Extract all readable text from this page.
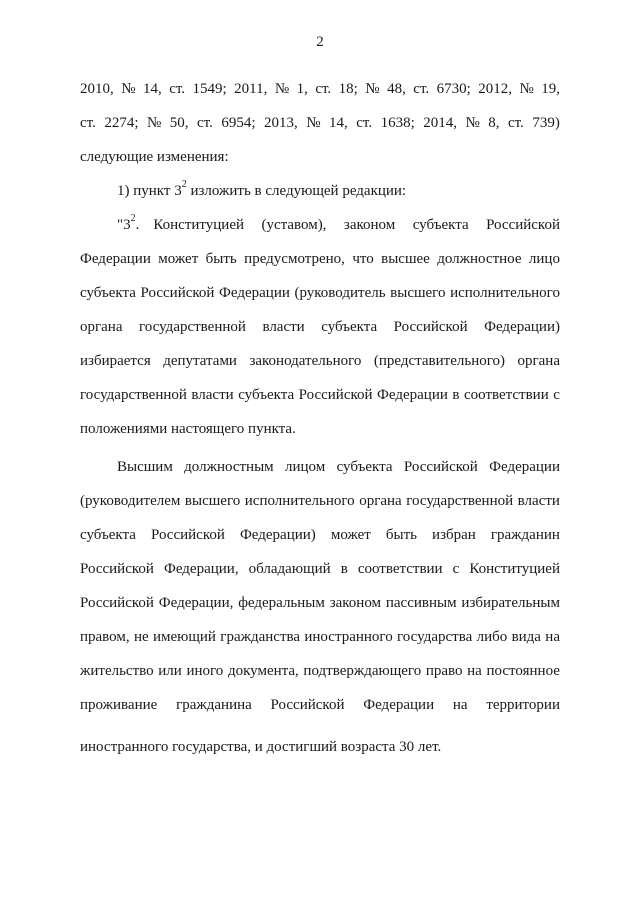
2
2010, № 14, ст. 1549; 2011, № 1, ст. 18; № 48, ст. 6730; 2012, № 19,
ст. 2274; № 50, ст. 6954; 2013, № 14, ст. 1638; 2014, № 8, ст. 739)
следующие изменения:
1) пункт $3^2$ изложить в следующей редакции:
"$3^2$. Конституцией (уставом), законом субъекта Российской
Федерации может быть предусмотрено, что высшее должностное лицо
субъекта Российской Федерации (руководитель высшего исполнительного
органа государственной власти субъекта Российской Федерации)
избирается депутатами законодательного (представительного) органа
государственной власти субъекта Российской Федерации в соответствии с
положениями настоящего пункта.
Высшим должностным лицом субъекта Российской Федерации
(руководителем высшего исполнительного органа государственной власти
субъекта Российской Федерации) может быть избран гражданин
Российской Федерации, обладающий в соответствии с Конституцией
Российской Федерации, федеральным законом пассивным избирательным
правом, не имеющий гражданства иностранного государства либо вида на
жительство или иного документа, подтверждающего право на постоянное
проживание гражданина Российской Федерации на территории
иностранного государства, и достигший возраста 30 лет.
